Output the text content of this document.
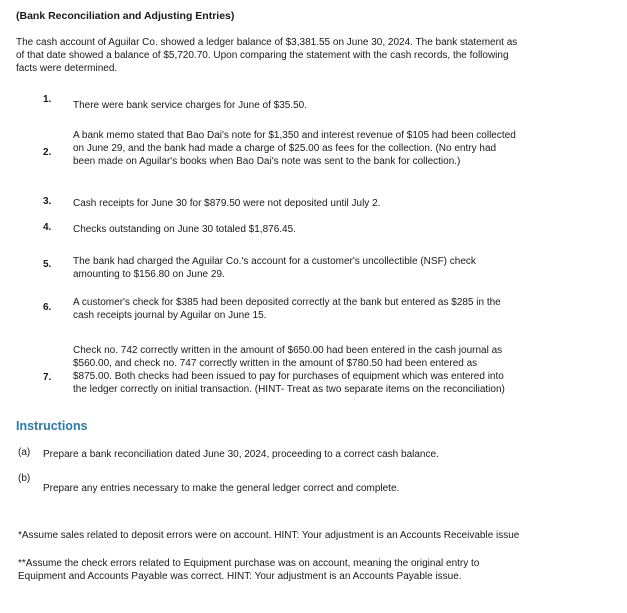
(Bank Reconciliation and Adjusting Entries)
The cash account of Aguilar Co. showed a ledger balance of $3,381.55 on June 30, 2024. The bank statement as of that date showed a balance of $5,720.70. Upon comparing the statement with the cash records, the following facts were determined.
1.
There were bank service charges for June of $35.50.
2.
A bank memo stated that Bao Dai's note for $1,350 and interest revenue of $105 had been collected on June 29, and the bank had made a charge of $25.00 as fees for the collection. (No entry had been made on Aguilar's books when Bao Dai's note was sent to the bank for collection.)
3. Cash receipts for June 30 for $879.50 were not deposited until July 2.
4. Checks outstanding on June 30 totaled $1,876.45.
5. The bank had charged the Aguilar Co.'s account for a customer's uncollectible (NSF) check amounting to $156.80 on June 29.
6. A customer's check for $385 had been deposited correctly at the bank but entered as $285 in the cash receipts journal by Aguilar on June 15.
7.
Check no. 742 correctly written in the amount of $650.00 had been entered in the cash journal as $560.00, and check no. 747 correctly written in the amount of $780.50 had been entered as $875.00. Both checks had been issued to pay for purchases of equipment which was entered into the ledger correctly on initial transaction. (HINT- Treat as two separate items on the reconciliation)
Instructions
(a) Prepare a bank reconciliation dated June 30, 2024, proceeding to a correct cash balance.
(b)
Prepare any entries necessary to make the general ledger correct and complete.
*Assume sales related to deposit errors were on account. HINT: Your adjustment is an Accounts Receivable issue
**Assume the check errors related to Equipment purchase was on account, meaning the original entry to Equipment and Accounts Payable was correct. HINT: Your adjustment is an Accounts Payable issue.
